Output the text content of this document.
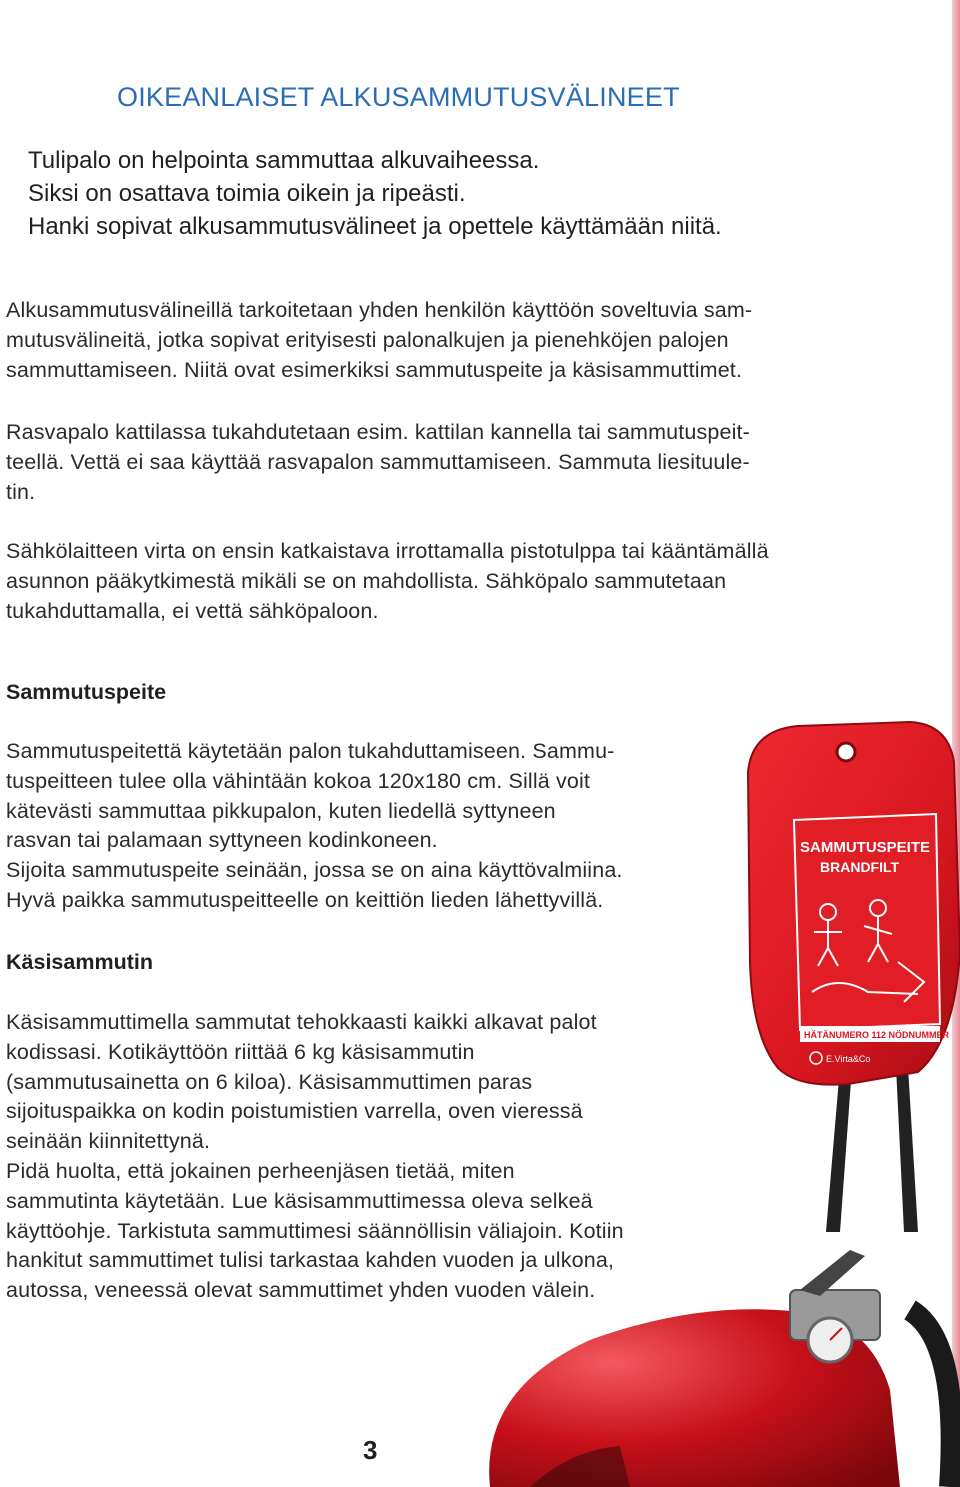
OIKEANLAISET ALKUSAMMUTUSVÄLINEET

Tulipalo on helpointa sammuttaa alkuvaiheessa.
Siksi on osattava toimia oikein ja ripeästi.
Hanki sopivat alkusammutusvälineet ja opettele käyttämään niitä.

Alkusammutusvälineillä tarkoitetaan yhden henkilön käyttöön soveltuvia sam-
mutusvälineitä, jotka sopivat erityisesti palonalkujen ja pienehköjen palojen
sammuttamiseen. Niitä ovat esimerkiksi sammutuspeite ja käsisammuttimet.

Rasvapalo kattilassa tukahdutetaan esim. kattilan kannella tai sammutuspeit-
teellä. Vettä ei saa käyttää rasvapalon sammuttamiseen. Sammuta liesituule-
tin.

Sähkölaitteen virta on ensin katkaistava irrottamalla pistotulppa tai kääntämällä
asunnon pääkytkimestä mikäli se on mahdollista. Sähköpalo sammutetaan
tukahduttamalla, ei vettä sähköpaloon.

Sammutuspeite

Sammutuspeitettä käytetään palon tukahduttamiseen. Sammu-
tuspeitteen tulee olla vähintään kokoa 120x180 cm. Sillä voit
kätevästi sammuttaa pikkupalon, kuten liedellä syttyneen
rasvan tai palamaan syttyneen kodinkoneen.
Sijoita sammutuspeite seinään, jossa se on aina käyttövalmiina.
Hyvä paikka sammutuspeitteelle on keittiön lieden lähettyvillä.

Käsisammutin

Käsisammuttimella sammutat tehokkaasti kaikki alkavat palot
kodissasi. Kotikäyttöön riittää 6 kg käsisammutin
(sammutusainetta on 6 kiloa). Käsisammuttimen paras
sijoituspaikka on kodin poistumistien varrella, oven vieressä
seinään kiinnitettynä.
Pidä huolta, että jokainen perheenjäsen tietää, miten
sammutinta käytetään. Lue käsisammuttimessa oleva selkeä
käyttöohje. Tarkistuta sammuttimesi säännöllisin väliajoin. Kotiin
hankitut sammuttimet tulisi tarkastaa kahden vuoden ja ulkona,
autossa, veneessä olevat sammuttimet yhden vuoden välein.

SAMMUTUSPEITE
BRANDFILT
HÄTÄNUMERO 112 NÖDNUMMER
E.Virta&Co
3
